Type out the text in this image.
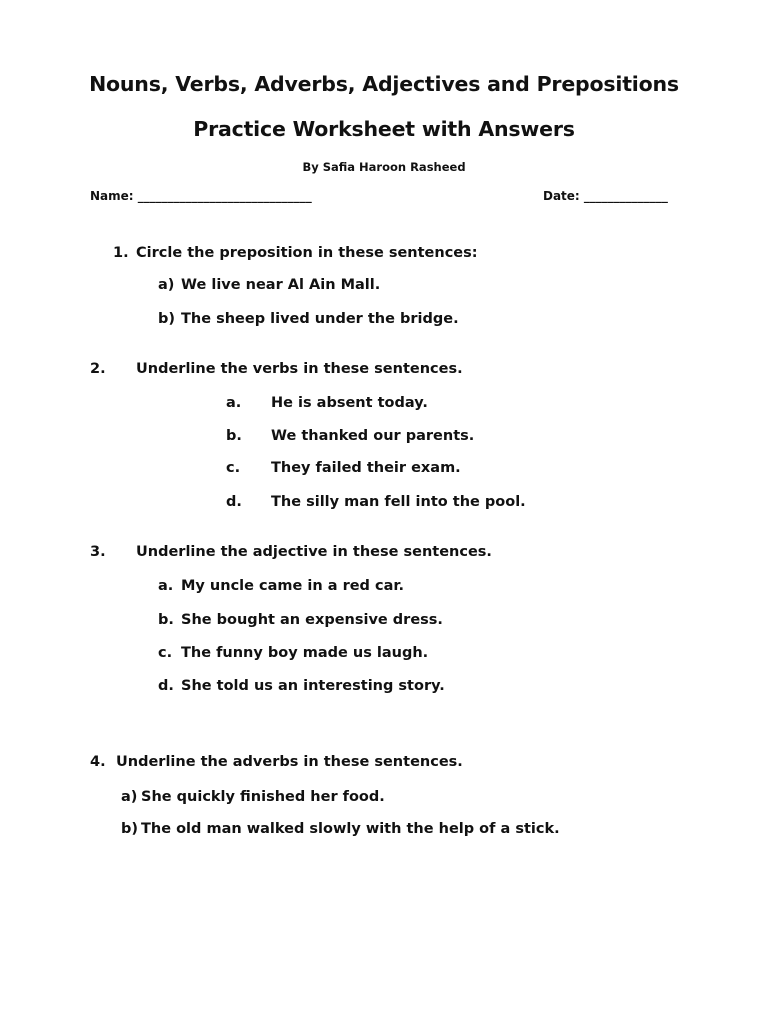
Nouns, Verbs, Adverbs, Adjectives and Prepositions
Practice Worksheet with Answers
By Safia Haroon Rasheed
Name: _____________________________	Date: ______________
1. Circle the preposition in these sentences:
a) We live near Al Ain Mall.
b) The sheep lived under the bridge.
2. Underline the verbs in these sentences.
a. He is absent today.
b. We thanked our parents.
c. They failed their exam.
d. The silly man fell into the pool.
3. Underline the adjective in these sentences.
a. My uncle came in a red car.
b. She bought an expensive dress.
c. The funny boy made us laugh.
d. She told us an interesting story.
4. Underline the adverbs in these sentences.
a) She quickly finished her food.
b) The old man walked slowly with the help of a stick.
